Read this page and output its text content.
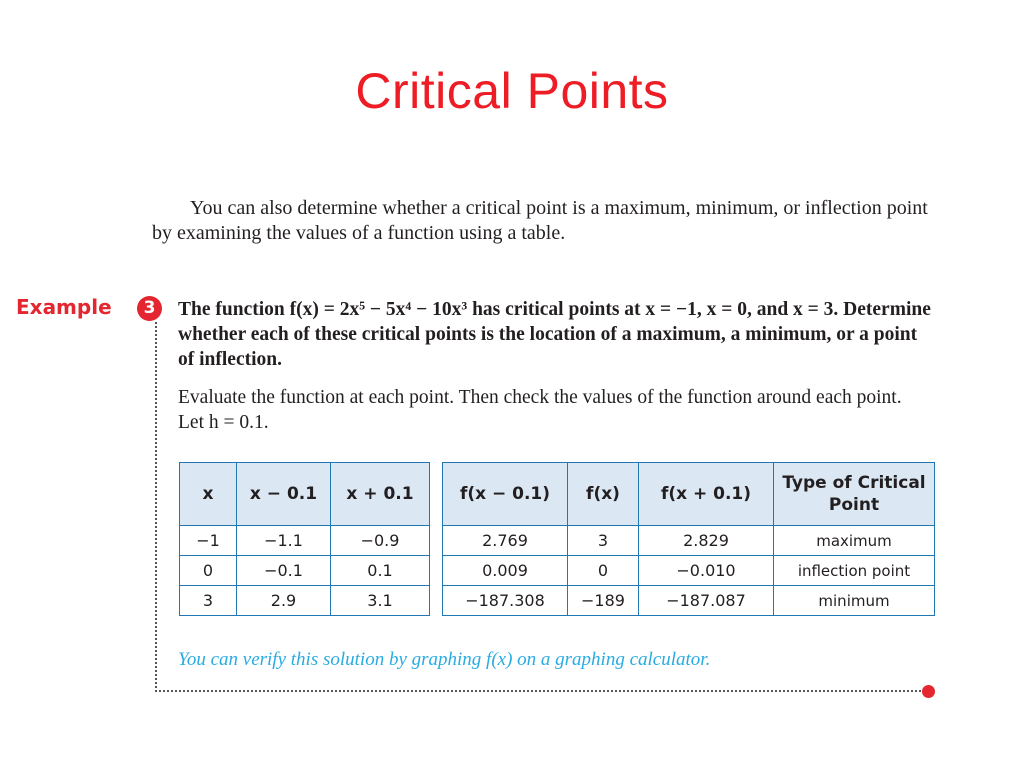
Critical Points
You can also determine whether a critical point is a maximum, minimum, or inflection point by examining the values of a function using a table.
Example	3	The function f(x) = 2x⁵ − 5x⁴ − 10x³ has critical points at x = −1, x = 0, and x = 3. Determine whether each of these critical points is the location of a maximum, a minimum, or a point of inflection.
Evaluate the function at each point. Then check the values of the function around each point. Let h = 0.1.
x	x − 0.1	x + 0.1
−1	−1.1	−0.9
0	−0.1	0.1
3	2.9	3.1
f(x − 0.1)	f(x)	f(x + 0.1)	Type of Critical Point
2.769	3	2.829	maximum
0.009	0	−0.010	inflection point
−187.308	−189	−187.087	minimum
You can verify this solution by graphing f(x) on a graphing calculator.
